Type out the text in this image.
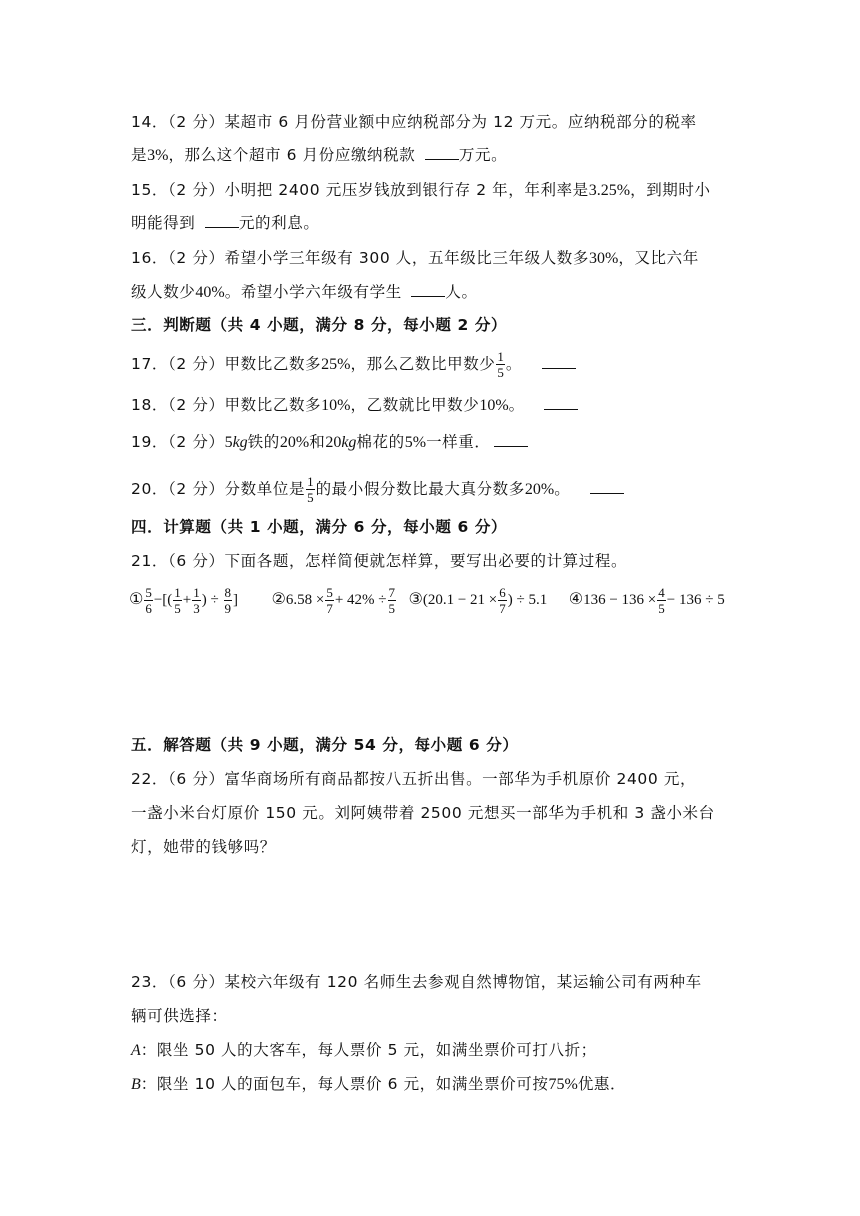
14．（2 分）某超市 6 月份营业额中应纳税部分为 12 万元。应纳税部分的税率
是3%，那么这个超市 6 月份应缴纳税款	万元。
15．（2 分）小明把 2400 元压岁钱放到银行存 2 年，年利率是3.25%，到期时小
明能得到	元的利息。
16．（2 分）希望小学三年级有 300 人，五年级比三年级人数多30%，又比六年
级人数少40%。希望小学六年级有学生	人。
三．判断题（共 4 小题，满分 8 分，每小题 2 分）
17．（2 分）甲数比乙数多25%，那么乙数比甲数少 $\frac{1}{5}$ 。
18．（2 分）甲数比乙数多10%，乙数就比甲数少10%。
19．（2 分）5kg铁的20%和20kg棉花的5%一样重．
20．（2 分）分数单位是 $\frac{1}{5}$ 的最小假分数比最大真分数多20%。
四．计算题（共 1 小题，满分 6 分，每小题 6 分）
21．（6 分）下面各题，怎样简便就怎样算，要写出必要的计算过程。
① $\frac{5}{6}$ −[( $\frac{1}{5} + \frac{1}{3}$ ) ÷ $\frac{8}{9}$ ]  ②6.58 × $\frac{5}{7} + 42\% \div \frac{7}{5}$ ③(20.1 − $21 \times \frac{6}{7}$ ) ÷ 5.1 ④136 − $136 \times \frac{4}{5} - 136 \div 5$
五．解答题（共 9 小题，满分 54 分，每小题 6 分）
22．（6 分）富华商场所有商品都按八五折出售。一部华为手机原价 2400 元，
一盏小米台灯原价 150 元。刘阿姨带着 2500 元想买一部华为手机和 3 盏小米台
灯，她带的钱够吗？
23．（6 分）某校六年级有 120 名师生去参观自然博物馆，某运输公司有两种车
辆可供选择：
A：限坐 50 人的大客车，每人票价 5 元，如满坐票价可打八折；
B：限坐 10 人的面包车，每人票价 6 元，如满坐票价可按75%优惠．
